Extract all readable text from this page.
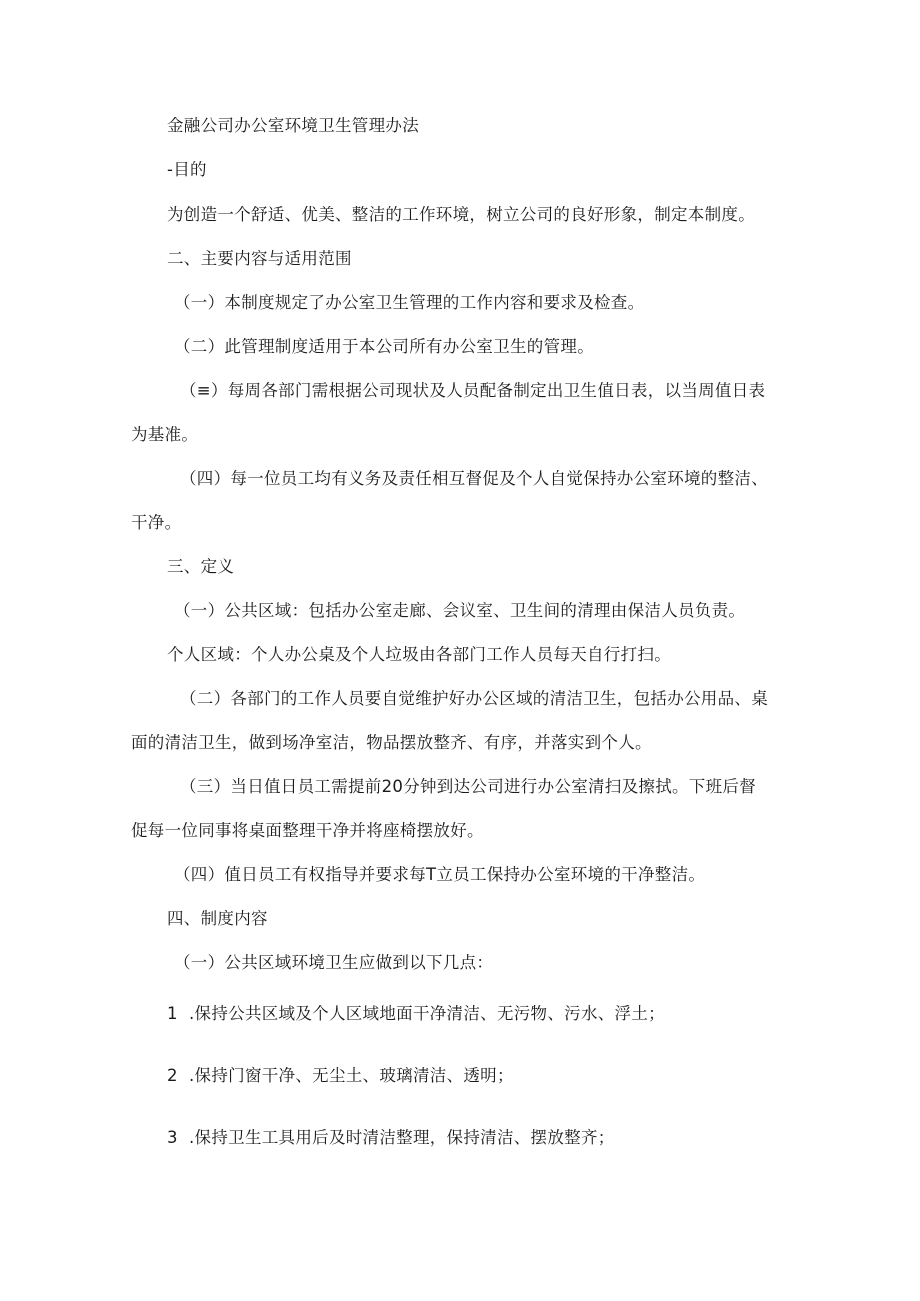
金融公司办公室环境卫生管理办法
-目的
为创造一个舒适、优美、整洁的工作环境，树立公司的良好形象，制定本制度。
二、主要内容与适用范围
（一）本制度规定了办公室卫生管理的工作内容和要求及检查。
（二）此管理制度适用于本公司所有办公室卫生的管理。
（≡）每周各部门需根据公司现状及人员配备制定出卫生值日表，以当周值日表
为基准。
（四）每一位员工均有义务及责任相互督促及个人自觉保持办公室环境的整洁、
干净。
三、定义
（一）公共区域：包括办公室走廊、会议室、卫生间的清理由保洁人员负责。
个人区域：个人办公桌及个人垃圾由各部门工作人员每天自行打扫。
（二）各部门的工作人员要自觉维护好办公区域的清洁卫生，包括办公用品、桌
面的清洁卫生，做到场净室洁，物品摆放整齐、有序，并落实到个人。
（三）当日值日员工需提前20分钟到达公司进行办公室清扫及擦拭。下班后督
促每一位同事将桌面整理干净并将座椅摆放好。
（四）值日员工有权指导并要求每T立员工保持办公室环境的干净整洁。
四、制度内容
（一）公共区域环境卫生应做到以下几点：
1 .保持公共区域及个人区域地面干净清洁、无污物、污水、浮土；
2 .保持门窗干净、无尘土、玻璃清洁、透明；
3 .保持卫生工具用后及时清洁整理，保持清洁、摆放整齐；
